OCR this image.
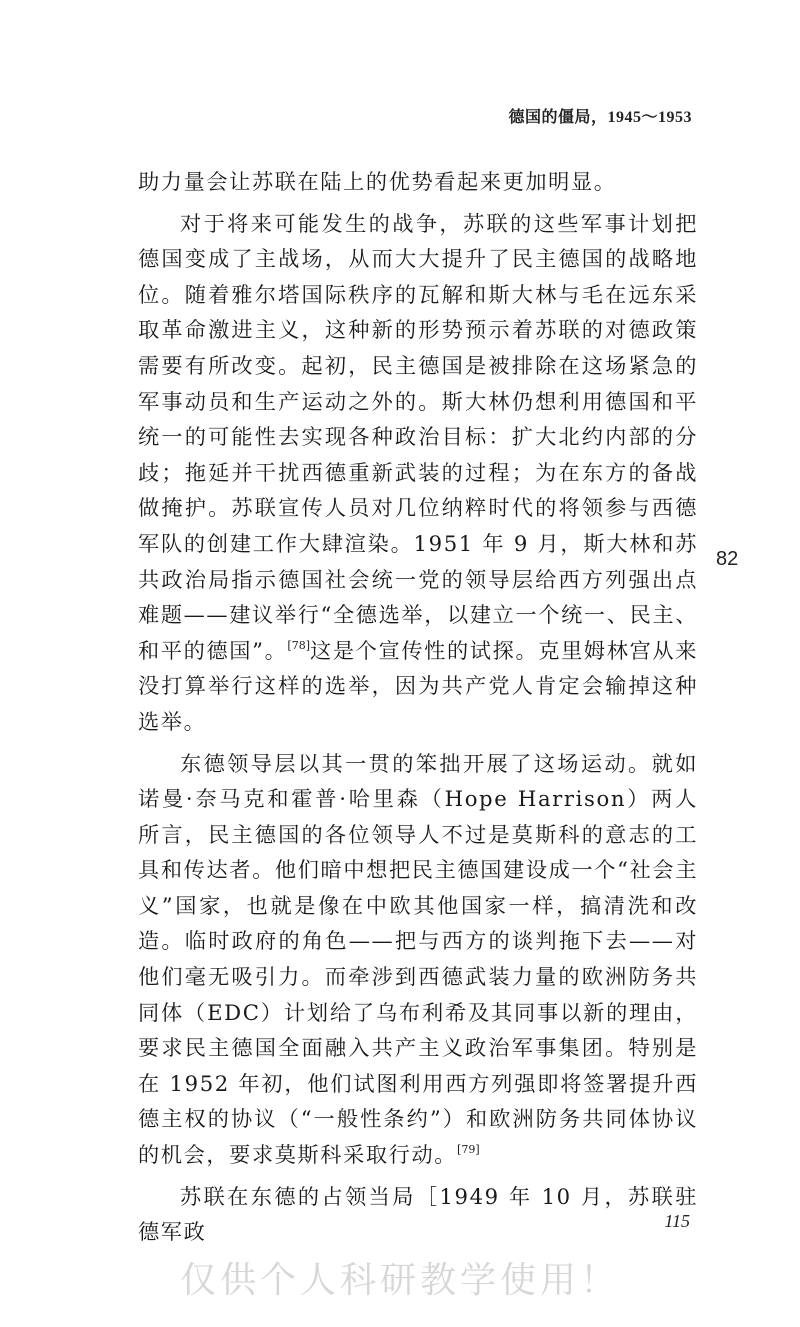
德国的僵局，1945～1953

助力量会让苏联在陆上的优势看起来更加明显。

对于将来可能发生的战争，苏联的这些军事计划把德国变成了主战场，从而大大提升了民主德国的战略地位。随着雅尔塔国际秩序的瓦解和斯大林与毛在远东采取革命激进主义，这种新的形势预示着苏联的对德政策需要有所改变。起初，民主德国是被排除在这场紧急的军事动员和生产运动之外的。斯大林仍想利用德国和平统一的可能性去实现各种政治目标：扩大北约内部的分歧；拖延并干扰西德重新武装的过程；为在东方的备战做掩护。苏联宣传人员对几位纳粹时代的将领参与西德军队的创建工作大肆渲染。1951 年 9 月，斯大林和苏共政治局指示德国社会统一党的领导层给西方列强出点难题——建议举行“全德选举，以建立一个统一、民主、和平的德国”。[78]这是个宣传性的试探。克里姆林宫从来没打算举行这样的选举，因为共产党人肯定会输掉这种选举。

东德领导层以其一贯的笨拙开展了这场运动。就如诺曼·奈马克和霍普·哈里森（Hope Harrison）两人所言，民主德国的各位领导人不过是莫斯科的意志的工具和传达者。他们暗中想把民主德国建设成一个“社会主义”国家，也就是像在中欧其他国家一样，搞清洗和改造。临时政府的角色——把与西方的谈判拖下去——对他们毫无吸引力。而牵涉到西德武装力量的欧洲防务共同体（EDC）计划给了乌布利希及其同事以新的理由，要求民主德国全面融入共产主义政治军事集团。特别是在 1952 年初，他们试图利用西方列强即将签署提升西德主权的协议（“一般性条约”）和欧洲防务共同体协议的机会，要求莫斯科采取行动。[79]

苏联在东德的占领当局［1949 年 10 月，苏联驻德军政

82
115
仅供个人科研教学使用！
